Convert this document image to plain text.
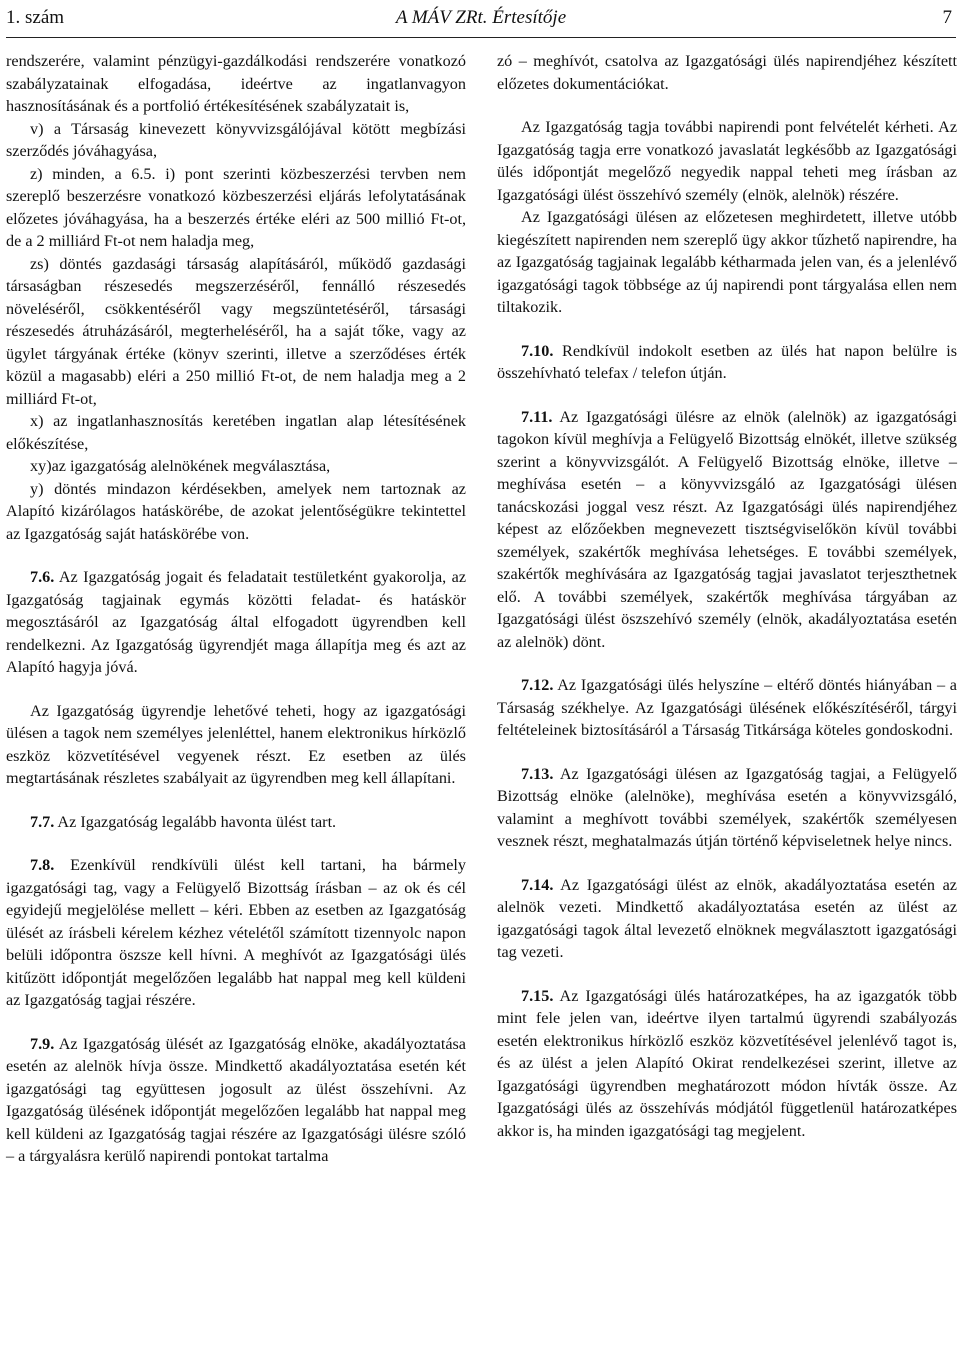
1. szám	A MÁV ZRt. Értesítője	7

rendszerére, valamint pénzügyi-gazdálkodási rendszerére vonatkozó szabályzatainak elfogadása, ideértve az ingatlanvagyon hasznosításának és a portfolió értékesítésének szabályzatait is,

v) a Társaság kinevezett könyvvizsgálójával kötött megbízási szerződés jóváhagyása,

z) minden, a 6.5. i) pont szerinti közbeszerzési tervben nem szereplő beszerzésre vonatkozó közbeszerzési eljárás lefolytatásának előzetes jóváhagyása, ha a beszerzés értéke eléri az 500 millió Ft-ot, de a 2 milliárd Ft-ot nem haladja meg,

zs) döntés gazdasági társaság alapításáról, működő gazdasági társaságban részesedés megszerzéséről, fennálló részesedés növeléséről, csökkentéséről vagy megszüntetéséről, társasági részesedés átruházásáról, megterheléséről, ha a saját tőke, vagy az ügylet tárgyának értéke (könyv szerinti, illetve a szerződéses érték közül a magasabb) eléri a 250 millió Ft-ot, de nem haladja meg a 2 milliárd Ft-ot,

x) az ingatlanhasznosítás keretében ingatlan alap létesítésének előkészítése,

xy)az igazgatóság alelnökének megválasztása,

y) döntés mindazon kérdésekben, amelyek nem tartoznak az Alapító kizárólagos hatáskörébe, de azokat jelentőségükre tekintettel az Igazgatóság saját hatáskörébe von.

7.6. Az Igazgatóság jogait és feladatait testületként gyakorolja, az Igazgatóság tagjainak egymás közötti feladat- és hatáskör megosztásáról az Igazgatóság által elfogadott ügyrendben kell rendelkezni. Az Igazgatóság ügyrendjét maga állapítja meg és azt az Alapító hagyja jóvá.

Az Igazgatóság ügyrendje lehetővé teheti, hogy az igazgatósági ülésen a tagok nem személyes jelenléttel, hanem elektronikus hírközlő eszköz közvetítésével vegyenek részt. Ez esetben az ülés megtartásának részletes szabályait az ügyrendben meg kell állapítani.

7.7. Az Igazgatóság legalább havonta ülést tart.

7.8. Ezenkívül rendkívüli ülést kell tartani, ha bármely igazgatósági tag, vagy a Felügyelő Bizottság írásban – az ok és cél egyidejű megjelölése mellett – kéri. Ebben az esetben az Igazgatóság ülését az írásbeli kérelem kézhez vételétől számított tizennyolc napon belüli időpontra öszsze kell hívni. A meghívót az Igazgatósági ülés kitűzött időpontját megelőzően legalább hat nappal meg kell küldeni az Igazgatóság tagjai részére.

7.9. Az Igazgatóság ülését az Igazgatóság elnöke, akadályoztatása esetén az alelnök hívja össze. Mindkettő akadályoztatása esetén két igazgatósági tag együttesen jogosult az ülést összehívni. Az Igazgatóság ülésének időpontját megelőzően legalább hat nappal meg kell küldeni az Igazgatóság tagjai részére az Igazgatósági ülésre szóló – a tárgyalásra kerülő napirendi pontokat tartalma

zó – meghívót, csatolva az Igazgatósági ülés napirendjéhez készített előzetes dokumentációkat.

Az Igazgatóság tagja további napirendi pont felvételét kérheti. Az Igazgatóság tagja erre vonatkozó javaslatát legkésőbb az Igazgatósági ülés időpontját megelőző negyedik nappal teheti meg írásban az Igazgatósági ülést összehívó személy (elnök, alelnök) részére.

Az Igazgatósági ülésen az előzetesen meghirdetett, illetve utóbb kiegészített napirenden nem szereplő ügy akkor tűzhető napirendre, ha az Igazgatóság tagjainak legalább kétharmada jelen van, és a jelenlévő igazgatósági tagok többsége az új napirendi pont tárgyalása ellen nem tiltakozik.

7.10. Rendkívül indokolt esetben az ülés hat napon belülre is összehívható telefax / telefon útján.

7.11. Az Igazgatósági ülésre az elnök (alelnök) az igazgatósági tagokon kívül meghívja a Felügyelő Bizottság elnökét, illetve szükség szerint a könyvvizsgálót. A Felügyelő Bizottság elnöke, illetve – meghívása esetén – a könyvvizsgáló az Igazgatósági ülésen tanácskozási joggal vesz részt. Az Igazgatósági ülés napirendjéhez képest az előzőekben megnevezett tisztségviselőkön kívül további személyek, szakértők meghívása lehetséges. E további személyek, szakértők meghívására az Igazgatóság tagjai javaslatot terjeszthetnek elő. A további személyek, szakértők meghívása tárgyában az Igazgatósági ülést öszszehívó személy (elnök, akadályoztatása esetén az alelnök) dönt.

7.12. Az Igazgatósági ülés helyszíne – eltérő döntés hiányában – a Társaság székhelye. Az Igazgatósági ülésének előkészítéséről, tárgyi feltételeinek biztosításáról a Társaság Titkársága köteles gondoskodni.

7.13. Az Igazgatósági ülésen az Igazgatóság tagjai, a Felügyelő Bizottság elnöke (alelnöke), meghívása esetén a könyvvizsgáló, valamint a meghívott további személyek, szakértők személyesen vesznek részt, meghatalmazás útján történő képviseletnek helye nincs.

7.14. Az Igazgatósági ülést az elnök, akadályoztatása esetén az alelnök vezeti. Mindkettő akadályoztatása esetén az ülést az igazgatósági tagok által levezető elnöknek megválasztott igazgatósági tag vezeti.

7.15. Az Igazgatósági ülés határozatképes, ha az igazgatók több mint fele jelen van, ideértve ilyen tartalmú ügyrendi szabályozás esetén elektronikus hírközlő eszköz közvetítésével jelenlévő tagot is, és az ülést a jelen Alapító Okirat rendelkezései szerint, illetve az Igazgatósági ügyrendben meghatározott módon hívták össze. Az Igazgatósági ülés az összehívás módjától függetlenül határozatképes akkor is, ha minden igazgatósági tag megjelent.
